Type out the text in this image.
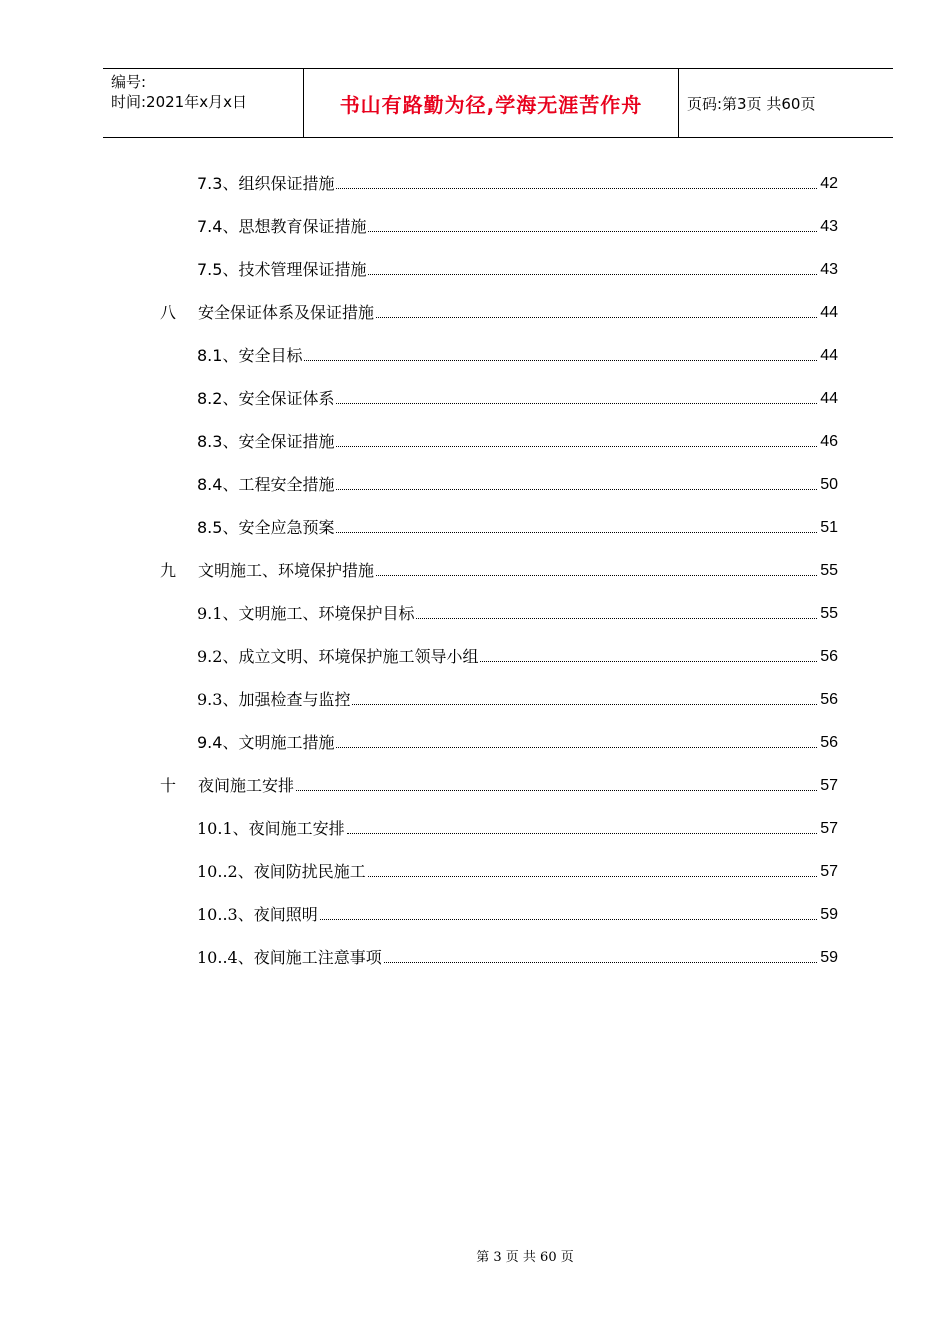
编号:
时间:2021年x月x日	书山有路勤为径,学海无涯苦作舟	页码:第3页 共60页
7.3、 组织保证措施	42
7.4、 思想教育保证措施	43
7.5、 技术管理保证措施	43
八	安全保证体系及保证措施	44
8.1、 安全目标	44
8.2、 安全保证体系	44
8.3、 安全保证措施	46
8.4、 工程安全措施	50
8.5、 安全应急预案	51
九	文明施工、环境保护措施	55
9.1、 文明施工、环境保护目标	55
9.2、 成立文明、环境保护施工领导小组	56
9.3、 加强检查与监控	56
9.4、 文明施工措施	56
十	夜间施工安排	57
10.1、 夜间施工安排	57
10..2、 夜间防扰民施工	57
10..3、 夜间照明	59
10..4、 夜间施工注意事项	59
第 3 页 共 60 页
